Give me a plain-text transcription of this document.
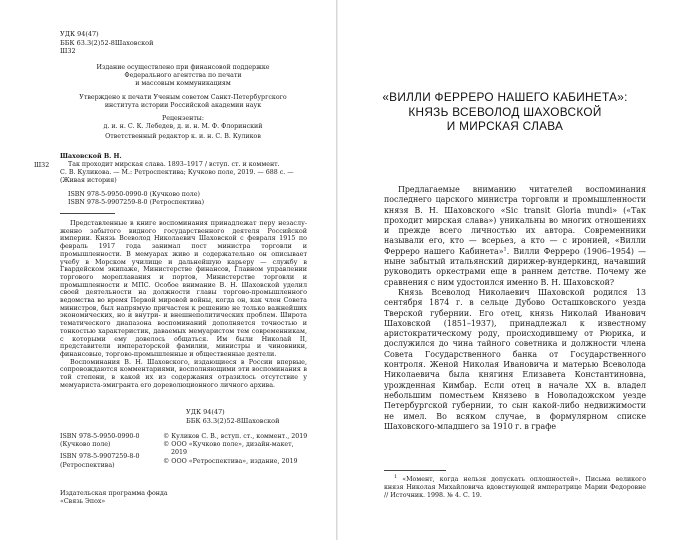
УДК 94(47)
ББК 63.3(2)52-8Шаховской
Ш32
Издание осуществлено при финансовой поддержке
Федерального агентства по печати
и массовым коммуникациям
Утверждено к печати Ученым советом Санкт-Петербургского
института истории Российской академии наук
Рецензенты:
д. и. н. С. К. Лебедев, д. и. н. М. Ф. Флоринский
Ответственный редактор к. и. н. С. В. Куликов
Ш32
Шаховской В. Н.
Так проходит мирская слава. 1893–1917 / вступ. ст. и коммент.
С. В. Куликова. — М.: Ретроспектива; Кучково поле, 2019. — 688 с. —
(Живая история)
ISBN 978-5-9950-0990-0 (Кучково поле)
ISBN 978-5-9907259-8-0 (Ретроспектива)

Представленные в книге воспоминания принадлежат перу незаслу-женно забытого видного государственного деятеля Российской империи. Князь Всеволод Николаевич Шаховской с февраля 1915 по февраль 1917 года занимал пост министра торговли и промышленности. В мемуарах живо и содержательно он описывает учебу в Морском училище и дальнейшую карьеру — службу в Гвардейском экипаже, Министерстве финансов, Главном управлении торгового мореплавания и портов, Министерстве торговли и промышленности и МПС. Особое внимание В. Н. Шаховской уделил своей деятельности на должности главы торгово-промышленного ведомства во время Первой мировой войны, когда он, как член Совета министров, был напрямую причастен к решению не только важнейших экономических, но и внутри- и внешнеполитических проблем. Широта тематического диапазона воспоминаний дополняется точностью и тонкостью характеристик, даваемых мемуаристом тем современникам, с которыми ему довелось общаться. Им были Николай II, представители императорской фамилии, министры и чиновники, финансовые, торгово-промышленные и общественные деятели.

Воспоминания В. Н. Шаховского, издающиеся в России впервые, сопровождаются комментариями, восполняющими эти воспоминания в той степени, в какой их из содержания отразилось отсутствие у мемуариста-эмигранта его дореволюционного личного архива.

УДК 94(47)
ББК 63.3(2)52-8Шаховской
ISBN 978-5-9950-0990-0
(Кучково поле)
ISBN 978-5-9907259-8-0
(Ретроспектива)
© Куликов С. В., вступ. ст., коммент., 2019
© ООО «Кучково поле», дизайн-макет,
2019
© ООО «Ретроспектива», издание, 2019
Издательская программа фонда
«Связь Эпох»
«ВИЛЛИ ФЕРРЕРО НАШЕГО КАБИНЕТА»:
КНЯЗЬ ВСЕВОЛОД ШАХОВСКОЙ
И МИРСКАЯ СЛАВА

Предлагаемые вниманию читателей воспоминания последнего царского министра торговли и промышленности князя В. Н. Шаховского «Sic transit Gloria mundi» («Так проходит мирская слава») уникальны во многих отношениях и прежде всего личностью их автора. Современники называли его, кто — всерьез, а кто — с иронией, «Вилли Ферреро нашего Кабинета»$^1$. Вилли Ферреро (1906–1954) — ныне забытый итальянский дирижер-вундеркинд, начавший руководить оркестрами еще в раннем детстве. Почему же сравнения с ним удостоился именно В. Н. Шаховской?

Князь Всеволод Николаевич Шаховской родился 13 сентября 1874 г. в сельце Дубово Осташковского уезда Тверской губернии. Его отец, князь Николай Иванович Шаховской (1851–1937), принадлежал к известному аристократическому роду, происходившему от Рюрика, и дослужился до чина тайного советника и должности члена Совета Государственного банка от Государственного контроля. Женой Николая Ивановича и матерью Всеволода Николаевича была княгиня Елизавета Константиновна, урожденная Кимбар. Если отец в начале XX в. владел небольшим поместьем Князево в Новоладожском уезде Петербургской губернии, то сын какой-либо недвижимости не имел. Во всяком случае, в формулярном списке Шаховского-младшего за 1910 г. в графе

$^1$ «Момент, когда нельзя допускать оплошностей». Письма великого князя Николая Михайловича вдовствующей императрице Марии Федоровне // Источник. 1998. № 4. С. 19.
